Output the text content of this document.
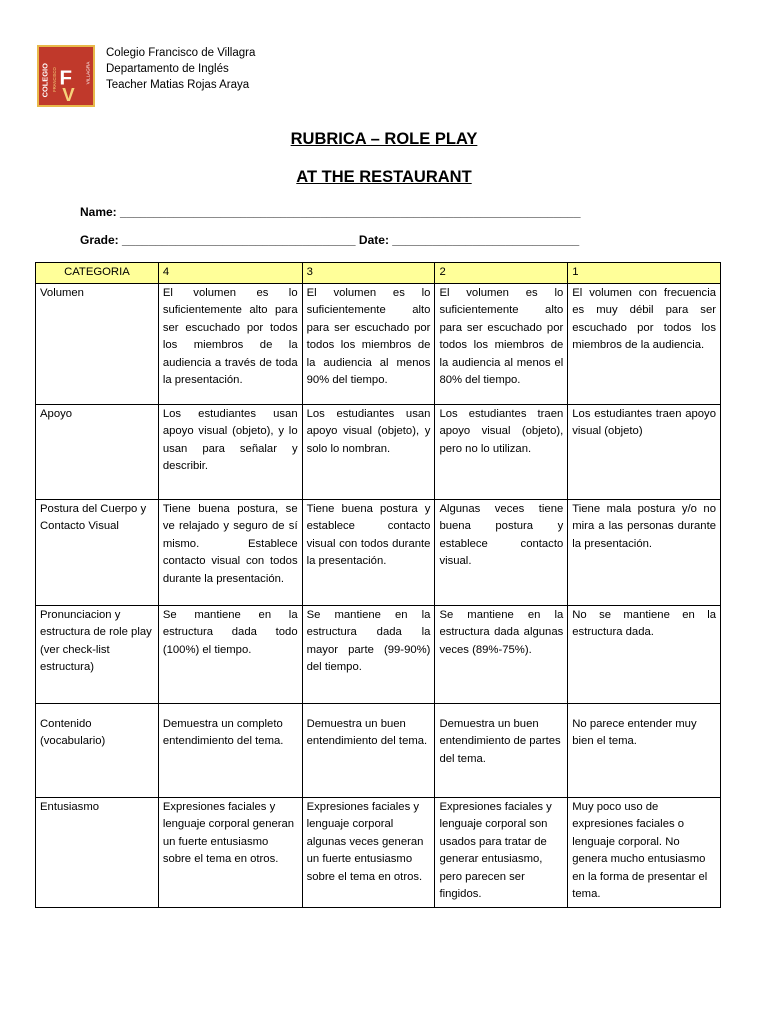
COLEGIO FRANCISCO	VILLAGRA
F
V
Colegio Francisco de Villagra
Departamento de Inglés
Teacher Matias Rojas Araya
RUBRICA – ROLE PLAY
AT THE RESTAURANT
Name: _____________________________________________________________________
Grade: ___________________________________ Date: ____________________________
CATEGORIA	4	3	2	1
Volumen	El volumen es lo suficientemente alto para ser escuchado por todos los miembros de la audiencia a través de toda la presentación.	El volumen es lo suficientemente alto para ser escuchado por todos los miembros de la audiencia al menos 90% del tiempo.	El volumen es lo suficientemente alto para ser escuchado por todos los miembros de la audiencia al menos el 80% del tiempo.	El volumen con frecuencia es muy débil para ser escuchado por todos los miembros de la audiencia.
Apoyo	Los estudiantes usan apoyo visual (objeto), y lo usan para señalar y describir.	Los estudiantes usan apoyo visual (objeto), y solo lo nombran.	Los estudiantes traen apoyo visual (objeto), pero no lo utilizan.	Los estudiantes traen apoyo visual (objeto)
Postura del Cuerpo y Contacto Visual	Tiene buena postura, se ve relajado y seguro de sí mismo. Establece contacto visual con todos durante la presentación.	Tiene buena postura y establece contacto visual con todos durante la presentación.	Algunas veces tiene buena postura y establece contacto visual.	Tiene mala postura y/o no mira a las personas durante la presentación.
Pronunciacion y estructura de role play (ver check-list estructura)	Se mantiene en la estructura dada todo (100%) el tiempo.	Se mantiene en la estructura dada la mayor parte (99-90%) del tiempo.	Se mantiene en la estructura dada algunas veces (89%-75%).	No se mantiene en la estructura dada.
Contenido (vocabulario)	Demuestra un completo entendimiento del tema.	Demuestra un buen entendimiento del tema.	Demuestra un buen entendimiento de partes del tema.	No parece entender muy bien el tema.
Entusiasmo	Expresiones faciales y lenguaje corporal generan un fuerte entusiasmo sobre el tema en otros.	Expresiones faciales y lenguaje corporal algunas veces generan un fuerte entusiasmo sobre el tema en otros.	Expresiones faciales y lenguaje corporal son usados para tratar de generar entusiasmo, pero parecen ser fingidos.	Muy poco uso de expresiones faciales o lenguaje corporal. No genera mucho entusiasmo en la forma de presentar el tema.
